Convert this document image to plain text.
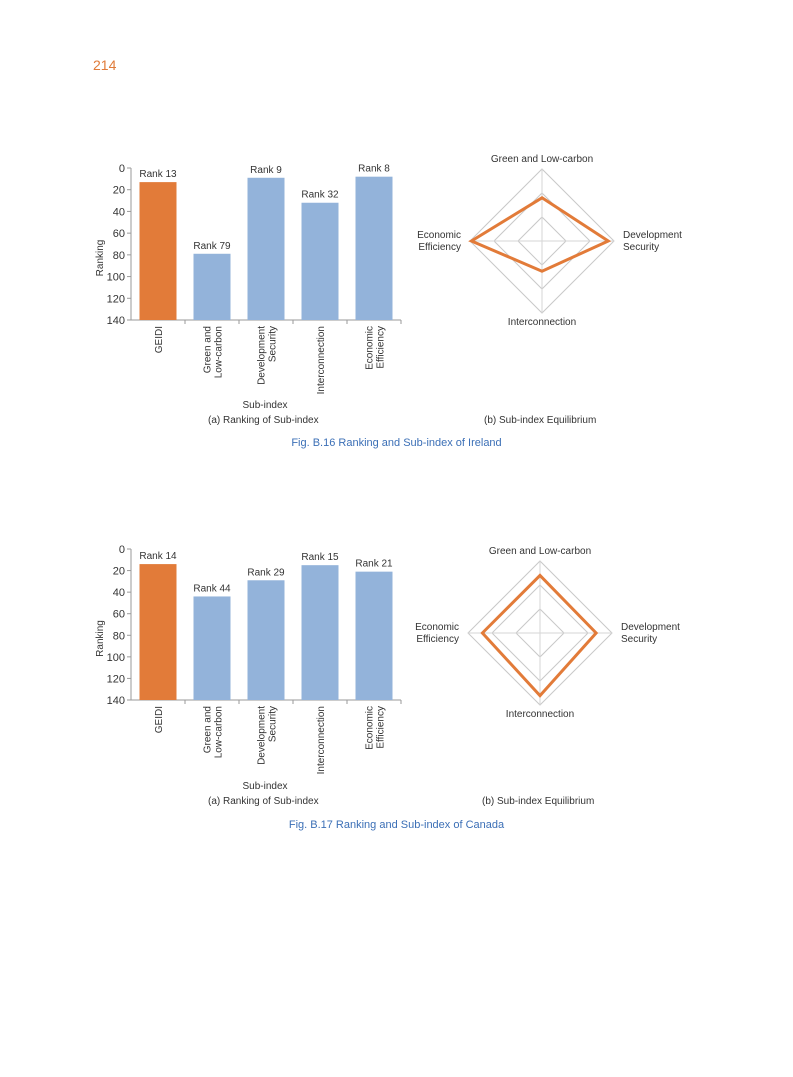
214
0
20
40
60
80
100
120
140
Ranking
Rank 13
GEIDI
Rank 79
Green and Low-carbon
Rank 9
Development Security
Rank 32
Interconnection
Rank 8
Economic Efficiency
Sub-index
Green and Low-carbon
Interconnection
Development
Security
Economic
Efficiency
(a) Ranking of Sub-index	(b) Sub-index Equilibrium
Fig. B.16 Ranking and Sub-index of Ireland
0
20
40
60
80
100
120
140
Ranking
Rank 14
GEIDI
Rank 44
Green and Low-carbon
Rank 29
Development Security
Rank 15
Interconnection
Rank 21
Economic Efficiency
Sub-index
Green and Low-carbon
Interconnection
Development
Security
Economic
Efficiency
(a) Ranking of Sub-index	(b) Sub-index Equilibrium
Fig. B.17 Ranking and Sub-index of Canada
